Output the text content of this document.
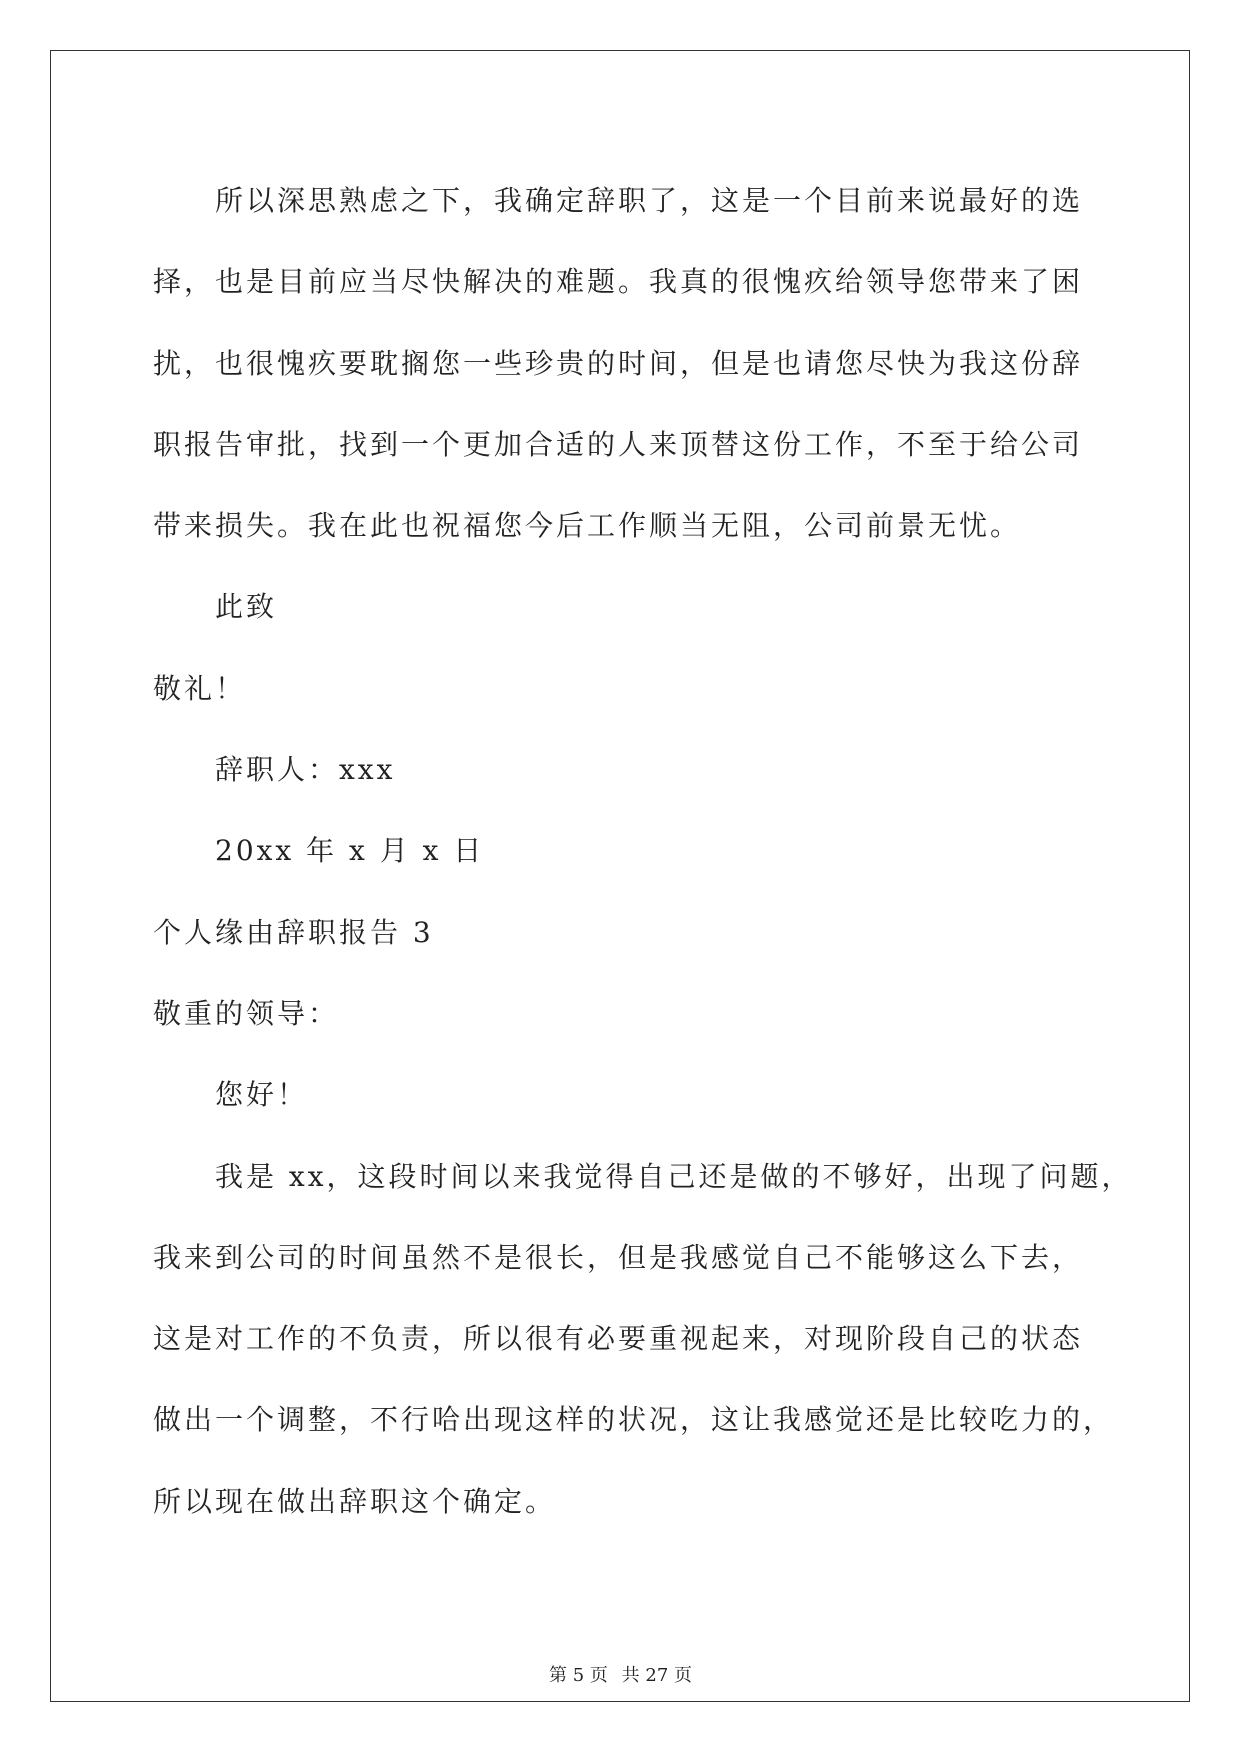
所以深思熟虑之下，我确定辞职了，这是一个目前来说最好的选
择，也是目前应当尽快解决的难题。我真的很愧疚给领导您带来了困
扰，也很愧疚要耽搁您一些珍贵的时间，但是也请您尽快为我这份辞
职报告审批，找到一个更加合适的人来顶替这份工作，不至于给公司
带来损失。我在此也祝福您今后工作顺当无阻，公司前景无忧。
此致
敬礼！
辞职人：xxx
20xx 年 x 月 x 日
个人缘由辞职报告 3
敬重的领导：
您好！
我是 xx，这段时间以来我觉得自己还是做的不够好，出现了问题，
我来到公司的时间虽然不是很长，但是我感觉自己不能够这么下去，
这是对工作的不负责，所以很有必要重视起来，对现阶段自己的状态
做出一个调整，不行哈出现这样的状况，这让我感觉还是比较吃力的，
所以现在做出辞职这个确定。
第 5 页 共 27 页
